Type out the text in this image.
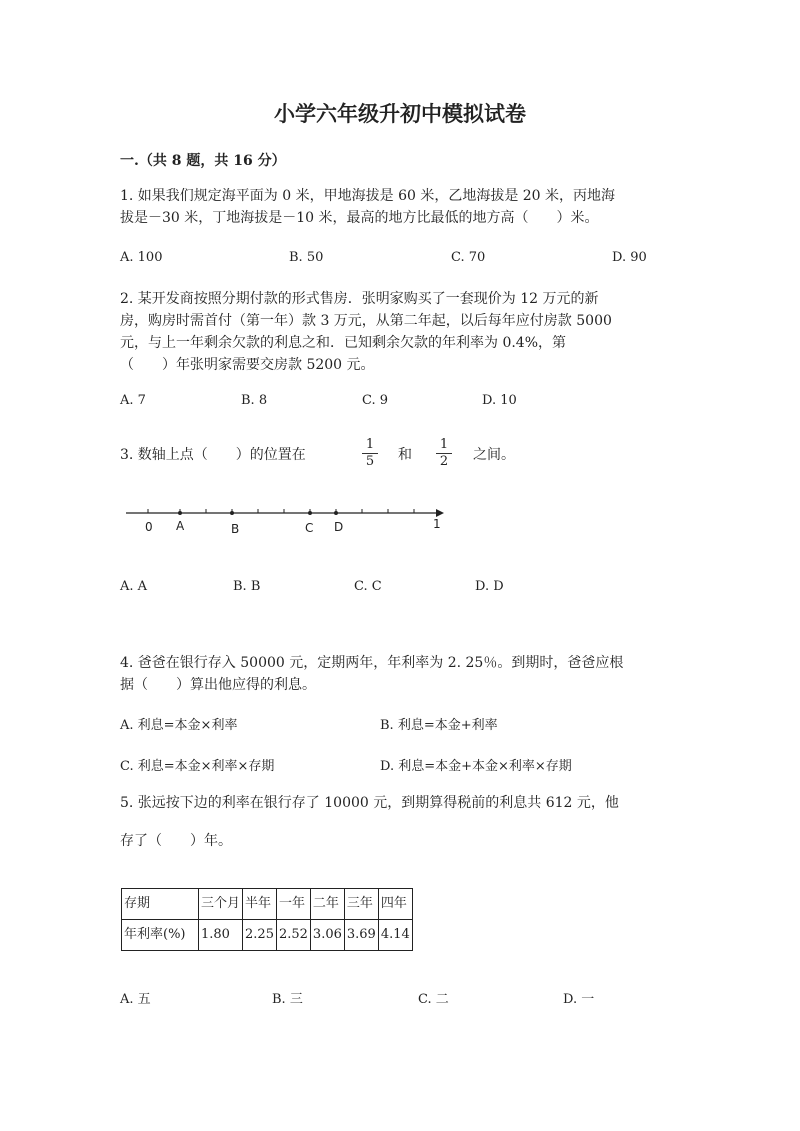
小学六年级升初中模拟试卷
一.（共 8 题，共 16 分）
1. 如果我们规定海平面为 0 米，甲地海拔是 60 米，乙地海拔是 20 米，丙地海
拔是－30 米，丁地海拔是－10 米，最高的地方比最低的地方高（　　）米。
A. 100	B. 50	C. 70	D. 90
2. 某开发商按照分期付款的形式售房．张明家购买了一套现价为 12 万元的新
房，购房时需首付（第一年）款 3 万元，从第二年起，以后每年应付房款 5000
元，与上一年剩余欠款的利息之和．已知剩余欠款的年利率为 0.4%，第
（　　）年张明家需要交房款 5200 元。
A. 7	B. 8	C. 9	D. 10
3. 数轴上点（　　）的位置在	$\frac{1}{5}$ 和 $\frac{1}{2}$ 之间。
0 A	B	C D	1
A. A	B. B	C. C	D. D
4. 爸爸在银行存入 50000 元，定期两年，年利率为 2. 25％。到期时，爸爸应根
据（　　）算出他应得的利息。
A. 利息=本金×利率	B. 利息=本金+利率
C. 利息=本金×利率×存期	D. 利息=本金+本金×利率×存期
5. 张远按下边的利率在银行存了 10000 元，到期算得税前的利息共 612 元，他
存了（　　）年。
存期	三个月	半年	一年	二年	三年	四年
年利率(%)	1.80	2.25	2.52	3.06	3.69	4.14
A. 五	B. 三	C. 二	D. 一
